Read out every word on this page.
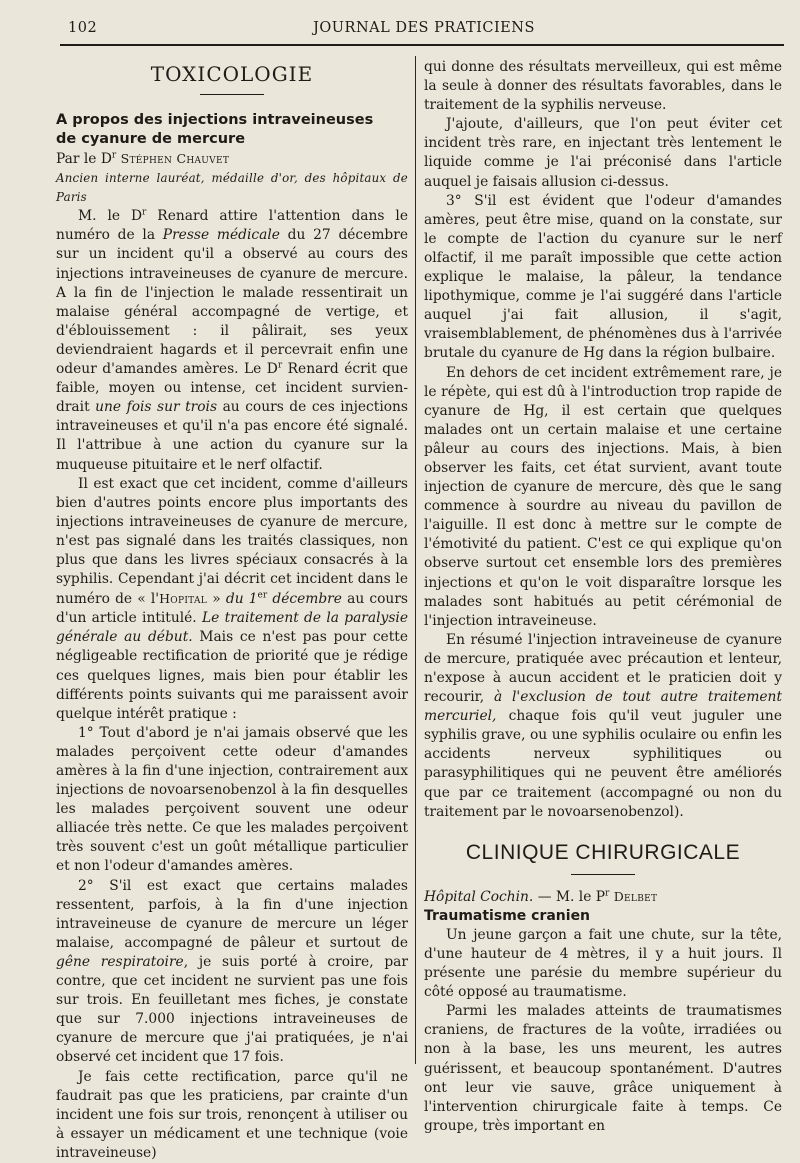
102	JOURNAL DES PRATICIENS
TOXICOLOGIE

A propos des injections intraveineuses
de cyanure de mercure

Par le $D^r$ Stéphen Chauvet

Ancien interne lauréat, médaille d'or, des hôpitaux de Paris

M. le $D^r$ Renard attire l'attention dans le numéro de la Presse médicale du 27 décembre sur un incident qu'il a observé au cours des injections intraveineuses de cyanure de mercure. A la fin de l'injection le malade ressentirait un malaise général accompagné de vertige, et d'éblouissement : il pâlirait, ses yeux deviendraient hagards et il percevrait enfin une odeur d'amandes amères. Le $D^r$ Renard écrit que faible, moyen ou intense, cet incident survien-drait une fois sur trois au cours de ces injections intraveineuses et qu'il n'a pas encore été signalé. Il l'attribue à une action du cyanure sur la muqueuse pituitaire et le nerf olfactif.

Il est exact que cet incident, comme d'ailleurs bien d'autres points encore plus importants des injections intraveineuses de cyanure de mercure, n'est pas signalé dans les traités classiques, non plus que dans les livres spéciaux consacrés à la syphilis. Cependant j'ai décrit cet incident dans le numéro de « l'Hopital » du 1er décembre au cours d'un article intitulé. Le traitement de la paralysie générale au début. Mais ce n'est pas pour cette négligeable rectification de priorité que je rédige ces quelques lignes, mais bien pour établir les différents points suivants qui me paraissent avoir quelque intérêt pratique :

1° Tout d'abord je n'ai jamais observé que les malades perçoivent cette odeur d'amandes amères à la fin d'une injection, contrairement aux injections de novoarsenobenzol à la fin desquelles les malades perçoivent souvent une odeur alliacée très nette. Ce que les malades perçoivent très souvent c'est un goût métallique particulier et non l'odeur d'amandes amères.

2° S'il est exact que certains malades ressentent, parfois, à la fin d'une injection intraveineuse de cyanure de mercure un léger malaise, accompagné de pâleur et surtout de gêne respiratoire, je suis porté à croire, par contre, que cet incident ne survient pas une fois sur trois. En feuilletant mes fiches, je constate que sur 7.000 injections intraveineuses de cyanure de mercure que j'ai pratiquées, je n'ai observé cet incident que 17 fois.

Je fais cette rectification, parce qu'il ne faudrait pas que les praticiens, par crainte d'un incident une fois sur trois, renonçent à utiliser ou à essayer un médicament et une technique (voie intraveineuse)

qui donne des résultats merveilleux, qui est même la seule à donner des résultats favorables, dans le traitement de la syphilis nerveuse.

J'ajoute, d'ailleurs, que l'on peut éviter cet incident très rare, en injectant très lentement le liquide comme je l'ai préconisé dans l'article auquel je faisais allusion ci-dessus.

3° S'il est évident que l'odeur d'amandes amères, peut être mise, quand on la constate, sur le compte de l'action du cyanure sur le nerf olfactif, il me paraît impossible que cette action explique le malaise, la pâleur, la tendance lipothymique, comme je l'ai suggéré dans l'article auquel j'ai fait allusion, il s'agit, vraisemblablement, de phénomènes dus à l'arrivée brutale du cyanure de Hg dans la région bulbaire.

En dehors de cet incident extrêmement rare, je le répète, qui est dû à l'introduction trop rapide de cyanure de Hg, il est certain que quelques malades ont un certain malaise et une certaine pâleur au cours des injections. Mais, à bien observer les faits, cet état survient, avant toute injection de cyanure de mercure, dès que le sang commence à sourdre au niveau du pavillon de l'aiguille. Il est donc à mettre sur le compte de l'émotivité du patient. C'est ce qui explique qu'on observe surtout cet ensemble lors des premières injections et qu'on le voit disparaître lorsque les malades sont habitués au petit cérémonial de l'injection intraveineuse.

En résumé l'injection intraveineuse de cyanure de mercure, pratiquée avec précaution et lenteur, n'expose à aucun accident et le praticien doit y recourir, à l'exclusion de tout autre traitement mercuriel, chaque fois qu'il veut juguler une syphilis grave, ou une syphilis oculaire ou enfin les accidents nerveux syphilitiques ou parasyphilitiques qui ne peuvent être améliorés que par ce traitement (accompagné ou non du traitement par le novoarsenobenzol).

CLINIQUE CHIRURGICALE

Hôpital Cochin. — M. le $P^r$ Delbet

Traumatisme cranien

Un jeune garçon a fait une chute, sur la tête, d'une hauteur de 4 mètres, il y a huit jours. Il présente une parésie du membre supérieur du côté opposé au traumatisme.

Parmi les malades atteints de traumatismes craniens, de fractures de la voûte, irradiées ou non à la base, les uns meurent, les autres guérissent, et beaucoup spontanément. D'autres ont leur vie sauve, grâce uniquement à l'intervention chirurgicale faite à temps. Ce groupe, très important en
